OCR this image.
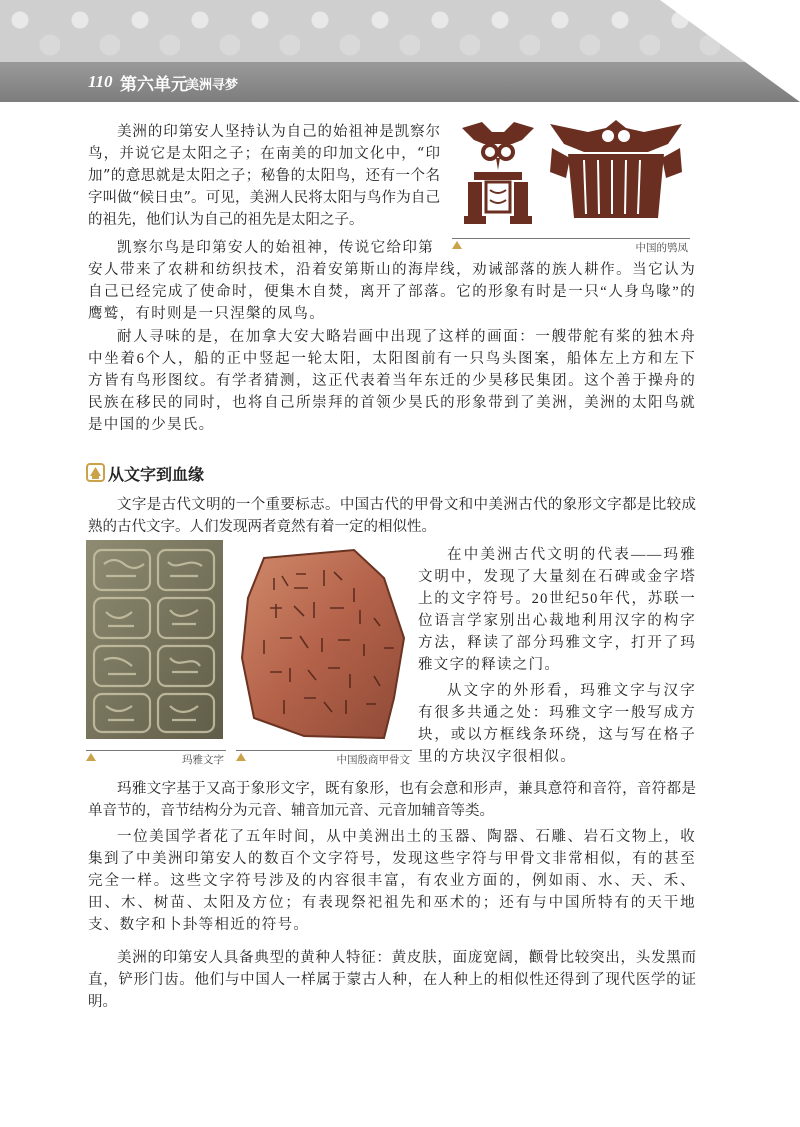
110 第六单元
美洲寻梦

美洲的印第安人坚持认为自己的始祖神是凯察尔鸟，并说它是太阳之子；在南美的印加文化中，“印加”的意思就是太阳之子；秘鲁的太阳鸟，还有一个名字叫做“候日虫”。可见，美洲人民将太阳与鸟作为自己的祖先，他们认为自己的祖先是太阳之子。

中国的鸮凤

凯察尔鸟是印第安人的始祖神，传说它给印第安人带来了农耕和纺织技术，沿着安第斯山的海岸线，劝诫部落的族人耕作。当它认为自己已经完成了使命时，便集木自焚，离开了部落。它的形象有时是一只“人身鸟喙”的鹰鹫，有时则是一只涅槃的凤鸟。

耐人寻味的是，在加拿大安大略岩画中出现了这样的画面：一艘带舵有桨的独木舟中坐着6个人，船的正中竖起一轮太阳，太阳图前有一只鸟头图案，船体左上方和左下方皆有鸟形图纹。有学者猜测，这正代表着当年东迁的少昊移民集团。这个善于操舟的民族在移民的同时，也将自己所崇拜的首领少昊氏的形象带到了美洲，美洲的太阳鸟就是中国的少昊氏。

从文字到血缘

文字是古代文明的一个重要标志。中国古代的甲骨文和中美洲古代的象形文字都是比较成熟的古代文字。人们发现两者竟然有着一定的相似性。

玛雅文字	中国殷商甲骨文

在中美洲古代文明的代表——玛雅文明中，发现了大量刻在石碑或金字塔上的文字符号。20世纪50年代，苏联一位语言学家别出心裁地利用汉字的构字方法，释读了部分玛雅文字，打开了玛雅文字的释读之门。

从文字的外形看，玛雅文字与汉字有很多共通之处：玛雅文字一般写成方块，或以方框线条环绕，这与写在格子里的方块汉字很相似。

玛雅文字基于又高于象形文字，既有象形，也有会意和形声，兼具意符和音符，音符都是单音节的，音节结构分为元音、辅音加元音、元音加辅音等类。

一位美国学者花了五年时间，从中美洲出土的玉器、陶器、石雕、岩石文物上，收集到了中美洲印第安人的数百个文字符号，发现这些字符与甲骨文非常相似，有的甚至完全一样。这些文字符号涉及的内容很丰富，有农业方面的，例如雨、水、天、禾、田、木、树苗、太阳及方位；有表现祭祀祖先和巫术的；还有与中国所特有的天干地支、数字和卜卦等相近的符号。

美洲的印第安人具备典型的黄种人特征：黄皮肤，面庞宽阔，颧骨比较突出，头发黑而直，铲形门齿。他们与中国人一样属于蒙古人种，在人种上的相似性还得到了现代医学的证明。
